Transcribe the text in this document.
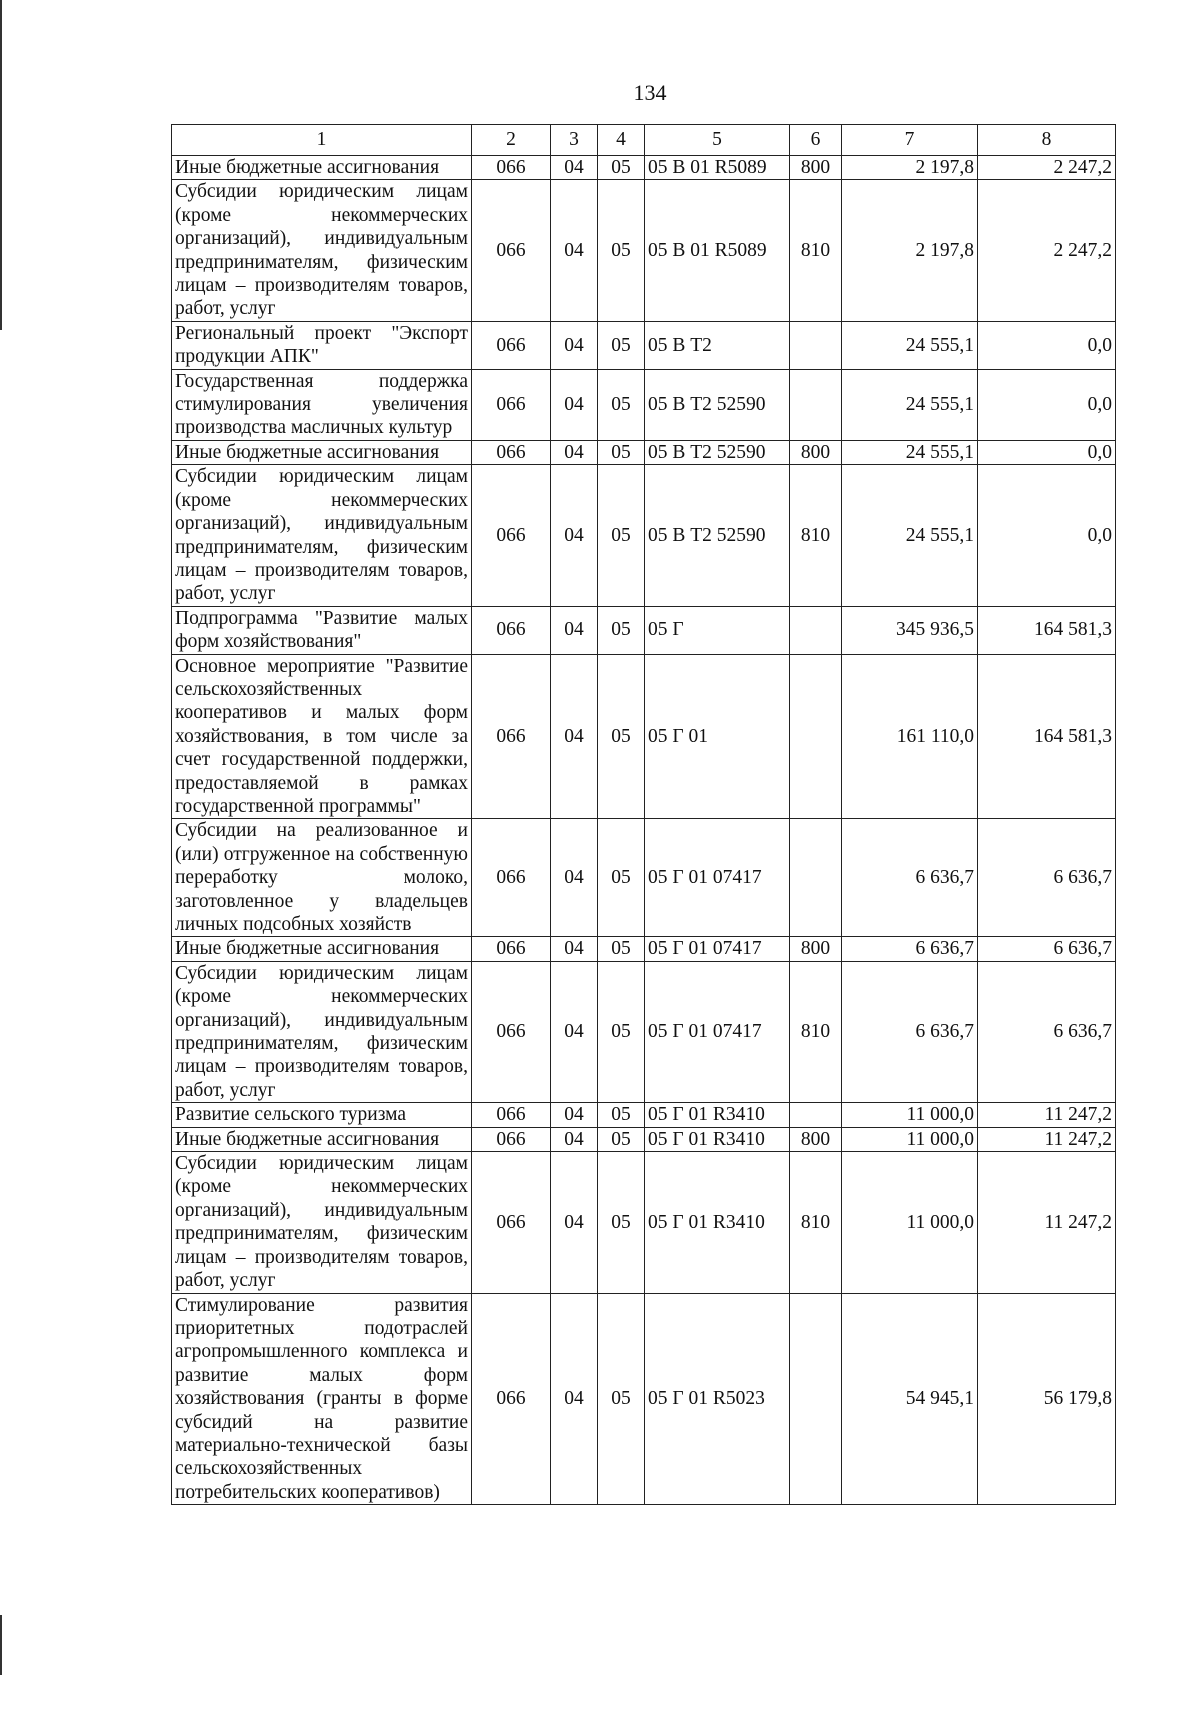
134
1	2	3	4	5	6	7	8
Иные бюджетные ассигнования	066	04	05	05 В 01 R5089	800	2 197,8	2 247,2
Субсидии юридическим лицам (кроме некоммерческих организаций), индивидуальным предпринимателям, физическим лицам – производителям товаров, работ, услуг	066	04	05	05 В 01 R5089	810	2 197,8	2 247,2
Региональный проект "Экспорт продукции АПК"	066	04	05	05 В Т2		24 555,1	0,0
Государственная поддержка стимулирования увеличения производства масличных культур	066	04	05	05 В Т2 52590		24 555,1	0,0
Иные бюджетные ассигнования	066	04	05	05 В Т2 52590	800	24 555,1	0,0
Субсидии юридическим лицам (кроме некоммерческих организаций), индивидуальным предпринимателям, физическим лицам – производителям товаров, работ, услуг	066	04	05	05 В Т2 52590	810	24 555,1	0,0
Подпрограмма "Развитие малых форм хозяйствования"	066	04	05	05 Г		345 936,5	164 581,3
Основное мероприятие "Развитие сельскохозяйственных кооперативов и малых форм хозяйствования, в том числе за счет государственной поддержки, предоставляемой в рамках государственной программы"	066	04	05	05 Г 01		161 110,0	164 581,3
Субсидии на реализованное и (или) отгруженное на собственную переработку молоко, заготовленное у владельцев личных подсобных хозяйств	066	04	05	05 Г 01 07417		6 636,7	6 636,7
Иные бюджетные ассигнования	066	04	05	05 Г 01 07417	800	6 636,7	6 636,7
Субсидии юридическим лицам (кроме некоммерческих организаций), индивидуальным предпринимателям, физическим лицам – производителям товаров, работ, услуг	066	04	05	05 Г 01 07417	810	6 636,7	6 636,7
Развитие сельского туризма	066	04	05	05 Г 01 R3410		11 000,0	11 247,2
Иные бюджетные ассигнования	066	04	05	05 Г 01 R3410	800	11 000,0	11 247,2
Субсидии юридическим лицам (кроме некоммерческих организаций), индивидуальным предпринимателям, физическим лицам – производителям товаров, работ, услуг	066	04	05	05 Г 01 R3410	810	11 000,0	11 247,2
Стимулирование развития приоритетных подотраслей агропромышленного комплекса и развитие малых форм хозяйствования (гранты в форме субсидий на развитие материально-технической базы сельскохозяйственных потребительских кооперативов)	066	04	05	05 Г 01 R5023		54 945,1	56 179,8
